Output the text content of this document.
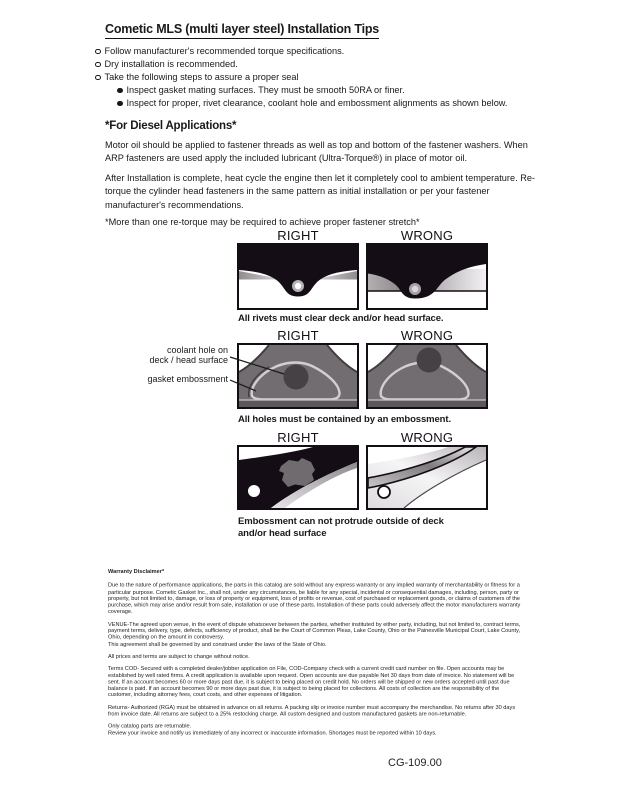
Cometic MLS (multi layer steel) Installation Tips
Follow manufacturer's recommended torque specifications.
Dry installation is recommended.
Take the following steps to assure a proper seal
Inspect gasket mating surfaces. They must be smooth 50RA or finer.
Inspect for proper, rivet clearance, coolant hole and embossment alignments as shown below.
*For Diesel Applications*
Motor oil should be applied to fastener threads as well as top and bottom of the fastener washers. When ARP fasteners are used apply the included lubricant (Ultra-Torque®) in place of motor oil.
After Installation is complete, heat cycle the engine then let it completely cool to ambient temperature. Re-torque the cylinder head fasteners in the same pattern as initial installation or per your fastener manufacturer's recommendations.
*More than one re-torque may be required to achieve proper fastener stretch*
RIGHT	WRONG
All rivets must clear deck and/or head surface.
RIGHT	WRONG
coolant hole on
deck / head surface
gasket embossment
All holes must be contained by an embossment.
RIGHT	WRONG
Embossment can not protrude outside of deck
and/or head surface
Warranty Disclaimer*

Due to the nature of performance applications, the parts in this catalog are sold without any express warranty or any implied warranty of merchantability or fitness for a particular purpose. Cometic Gasket Inc., shall not, under any circumstances, be liable for any special, incidental or consequential damages, including, person, party or property, but not limited to, damage, or loss of property or equipment, loss of profits or revenue, cost of purchased or replacement goods, or claims of customers of the purchase, which may arise and/or result from sale, installation or use of these parts. Installation of these parts could adversely affect the motor manufacturers warranty coverage.

VENUE-The agreed upon venue, in the event of dispute whatsoever between the parties, whether instituted by either party, including, but not limited to, contract terms, payment terms, delivery, type, defects, sufficiency of product, shall be the Court of Common Pleas, Lake County, Ohio or the Painesville Municipal Court, Lake County, Ohio, depending on the amount in controversy.

This agreement shall be governed by and construed under the laws of the State of Ohio.

All prices and terms are subject to change without notice.

Terms COD- Secured with a completed dealer/jobber application on File, COD-Company check with a current credit card number on file. Open accounts may be established by well rated firms. A credit application is available upon request. Open accounts are due payable Net 30 days from date of invoice. No statement will be sent. If an account becomes 60 or more days past due, it is subject to being placed on credit hold. No orders will be shipped or new orders accepted until past due balance is paid. If an account becomes 90 or more days past due, it is subject to being placed for collections. All costs of collection are the responsibility of the customer, including attorney fees, court costs, and other expenses of litigation.

Returns- Authorized (RGA) must be obtained in advance on all returns. A packing slip or invoice number must accompany the merchandise. No returns after 30 days from invoice date. All returns are subject to a 25% restocking charge. All custom designed and custom manufactured gaskets are non-returnable.

Only catalog parts are returnable.

Review your invoice and notify us immediately of any incorrect or inaccurate information. Shortages must be reported within 10 days.

CG-109.00
